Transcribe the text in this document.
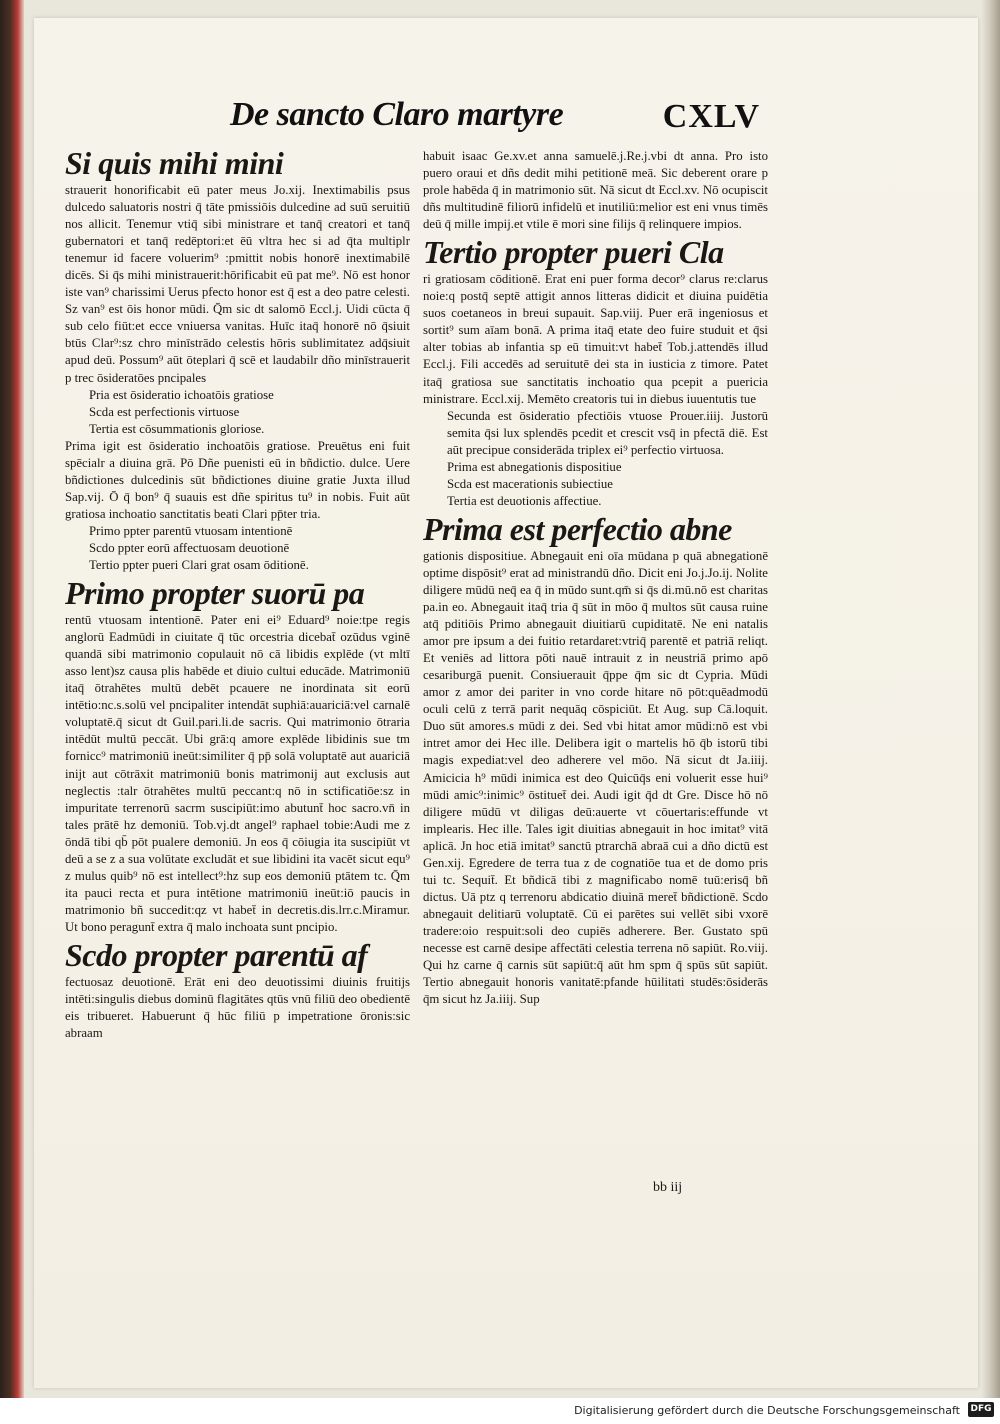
De sancto Claro martyre	CXLV

Si quis mihi mini

strauerit honorificabit eū pater meus Jo.xij. Inextimabilis psus dulcedo saluatoris nostri q̄ tāte pmissiōis dulcedine ad suū seruitiū nos allicit. Tenemur vtiq̄ sibi ministrare et tanq̄ creatori et tanq̄ gubernatori et tanq̄ redēptori:et ēū vltra hec si ad q̄ta multiplr tenemur id facere voluerim⁹ :pmittit nobis honorē inextimabilē dicēs. Si q̄s mihi ministrauerit:hōrificabit eū pat me⁹. Nō est honor iste van⁹ charissimi Uerus pfecto honor est q̄ est a deo patre celesti. Sz van⁹ est ōis honor mūdi. Q̄m sic dt salomō Eccl.j. Uidi cūcta q̄ sub celo fiūt:et ecce vniuersa vanitas. Huīc itaq̄ honorē nō q̄siuit btūs Clar⁹:sz chro minīstrādo celestis hōris sublimitatez adq̄siuit apud deū. Possum⁹ aūt ōteplari q̄ scē et laudabilr dño minīstrauerit p trec ōsideratōes pncipales

Pria est ōsideratio ichoatōis gratiose

Scda est perfectionis virtuose

Tertia est cōsummationis gloriose.

Prima igit est ōsideratio inchoatōis gratiose. Preuētus eni fuit spēcialr a diuina grā. Pō Dñe puenisti eū in bñdictio. dulce. Uere bñdictiones dulcedinis sūt bñdictiones diuine gratie Juxta illud Sap.vij. Ō q̄ bon⁹ q̄ suauis est dñe spiritus tu⁹ in nobis. Fuit aūt gratiosa inchoatio sanctitatis beati Clari pp̄ter tria.

Primo ppter parentū vtuosam intentionē

Scdo ppter eorū affectuosam deuotionē

Tertio ppter pueri Clari grat osam ōditionē.

Primo propter suorū pa

rentū vtuosam intentionē. Pater eni ei⁹ Eduard⁹ noie:tpe regis anglorū Eadmūdi in ciuitate q̄ tūc orcestria dicebat̄ ozūdus vginē quandā sibi matrimonio copulauit nō cā libidis explēde (vt mltī asso lent)sz causa plis habēde et diuio cultui educāde. Matrimoniū itaq̄ ōtrahētes multū debēt pcauere ne inordinata sit eorū intētio:nc.s.solū vel pncipaliter intendāt suphiā:auariciā:vel carnalē voluptatē.q̄ sicut dt Guil.pari.li.de sacris. Qui matrimonio ōtraria intēdūt multū peccāt. Ubi grā:q amore explēde libidinis sue tm fornicc⁹ matrimoniū ineūt:similiter q̄ pp̄ solā voluptatē aut auariciā inijt aut cōtrāxit matrimoniū bonis matrimonij aut exclusis aut neglectis :talr ōtrahētes multū peccant:q nō in sctificatiōe:sz in impuritate terrenorū sacrm suscipiūt:imo abutunt̄ hoc sacro.vn̄ in tales prātē hz demoniū. Tob.vj.dt angel⁹ raphael tobie:Audi me z ōndā tibi qb̄ pōt pualere demoniū. Jn eos q̄ cōiugia ita suscipiūt vt deū a se z a sua volūtate excludāt et sue libidini ita vacēt sicut equ⁹ z mulus quib⁹ nō est intellect⁹:hz sup eos demoniū ptātem tc. Q̄m ita pauci recta et pura intētione matrimoniū ineūt:iō paucis in matrimonio bñ succedit:qz vt habet̄ in decretis.dis.lrr.c.Miramur. Ut bono peragunt̄ extra q̄ malo inchoata sunt pncipio.

Scdo propter parentū af

fectuosaz deuotionē. Erāt eni deo deuotissimi diuinis fruitijs intēti:singulis diebus dominū flagitātes qtūs vnū filiū deo obedientē eis tribueret. Habuerunt q̄ hūc filiū p impetratione ōronis:sic abraam

habuit isaac Ge.xv.et anna samuelē.j.Re.j.vbi dt anna. Pro isto puero oraui et dñs dedit mihi petitionē meā. Sic deberent orare p prole habēda q̄ in matrimonio sūt. Nā sicut dt Eccl.xv. Nō ocupiscit dñs multitudinē filiorū infidelū et inutiliū:melior est eni vnus timēs deū q̄ mille impij.et vtile ē mori sine filijs q̄ relinquere impios.

Tertio propter pueri Cla

ri gratiosam cōditionē. Erat eni puer forma decor⁹ clarus re:clarus noie:q postq̄ septē attigit annos litteras didicit et diuina puidētia suos coetaneos in breui supauit. Sap.viij. Puer erā ingeniosus et sortit⁹ sum aīam bonā. A prima itaq̄ etate deo fuire studuit et q̄si alter tobias ab infantia sp eū timuit:vt habet̄ Tob.j.attendēs illud Eccl.j. Fili accedēs ad seruitutē dei sta in iusticia z timore. Patet itaq̄ gratiosa sue sanctitatis inchoatio qua pcepit a puericia ministrare. Eccl.xij. Memēto creatoris tui in diebus iuuentutis tue

Secunda est ōsideratio pfectiōis vtuose Prouer.iiij. Justorū semita q̄si lux splendēs pcedit et crescit vsq̄ in pfectā diē. Est aūt precipue considerāda triplex ei⁹ perfectio virtuosa.

Prima est abnegationis dispositiue

Scda est macerationis subiectiue

Tertia est deuotionis affectiue.

Prima est perfectio abne

gationis dispositiue. Abnegauit eni oīa mūdana p quā abnegationē optime dispōsit⁹ erat ad ministrandū dño. Dicit eni Jo.j.Jo.ij. Nolite diligere mūdū neq̄ ea q̄ in mūdo sunt.qm̄ si q̄s di.mū.nō est charitas pa.in eo. Abnegauit itaq̄ tria q̄ sūt in mōo q̄ multos sūt causa ruine atq̄ pditiōis Primo abnegauit diuitiarū cupiditatē. Ne eni natalis amor pre ipsum a dei fuitio retardaret:vtriq̄ parentē et patriā reliqt. Et veniēs ad littora pōti nauē intrauit z in neustriā primo apō cesariburgā puenit. Consiuerauit q̄ppe q̄m sic dt Cypria. Mūdi amor z amor dei pariter in vno corde hitare nō pōt:quēadmodū oculi celū z terrā parit nequāq cōspiciūt. Et Aug. sup Cā.loquit. Duo sūt amores.s mūdi z dei. Sed vbi hitat amor mūdi:nō est vbi intret amor dei Hec ille. Delibera igit o martelis hō q̄b istorū tibi magis expediat:vel deo adherere vel mōo. Nā sicut dt Ja.iiij. Amicicia h⁹ mūdi inimica est deo Quicūq̄s eni voluerit esse hui⁹ mūdi amic⁹:inimic⁹ ōstituet̄ dei. Audi igit q̄d dt Gre. Disce hō nō diligere mūdū vt diligas deū:auerte vt cōuertaris:effunde vt implearis. Hec ille. Tales igit diuitias abnegauit in hoc imitat⁹ vitā aplicā. Jn hoc etiā imitat⁹ sanctū ptrarchā abraā cui a dño dictū est Gen.xij. Egredere de terra tua z de cognatiōe tua et de domo pris tui tc. Sequit̄. Et bñdicā tibi z magnificabo nomē tuū:erisq̄ bñ dictus. Uā ptz q terrenoru abdicatio diuinā meret̄ bñdictionē. Scdo abnegauit delitiarū voluptatē. Cū ei parētes sui vellēt sibi vxorē tradere:oio respuit:soli deo cupiēs adherere. Ber. Gustato spū necesse est carnē desipe affectāti celestia terrena nō sapiūt. Ro.viij. Qui hz carne q̄ carnis sūt sapiūt:q̄ aūt hm spm q̄ spūs sūt sapiūt. Tertio abnegauit honoris vanitatē:pfande hūilitati studēs:ōsiderās q̄m sicut hz Ja.iiij. Sup

bb iij
Digitalisierung gefördert durch die Deutsche Forschungsgemeinschaft DFG
